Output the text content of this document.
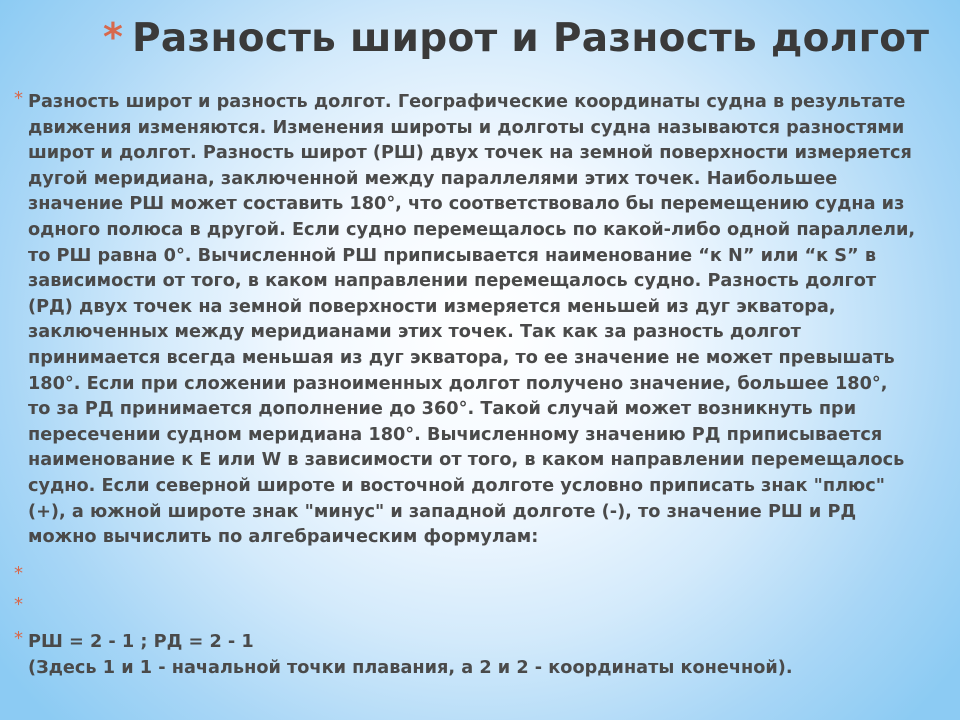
* Разность широт и Разность долгот
* Разность широт и разность долгот. Географические координаты судна в результате
движения изменяются. Изменения широты и долготы судна называются разностями
широт и долгот. Разность широт (РШ) двух точек на земной поверхности измеряется
дугой меридиана, заключенной между параллелями этих точек. Наибольшее
значение РШ может составить 180°, что соответствовало бы перемещению судна из
одного полюса в другой. Если судно перемещалось по какой-либо одной параллели,
то РШ равна 0°. Вычисленной РШ приписывается наименование “к N” или “к S” в
зависимости от того, в каком направлении перемещалось судно. Разность долгот
(РД) двух точек на земной поверхности измеряется меньшей из дуг экватора,
заключенных между меридианами этих точек. Так как за разность долгот
принимается всегда меньшая из дуг экватора, то ее значение не может превышать
180°. Если при сложении разноименных долгот получено значение, большее 180°,
то за РД принимается дополнение до 360°. Такой случай может возникнуть при
пересечении судном меридиана 180°. Вычисленному значению РД приписывается
наименование к Е или W в зависимости от того, в каком направлении перемещалось
судно. Если северной широте и восточной долготе условно приписать знак "плюс"
(+), а южной широте знак "минус" и западной долготе (-), то значение РШ и РД
можно вычислить по алгебраическим формулам:
*
*
* РШ = 2 - 1 ; РД = 2 - 1
(Здесь 1 и 1 - начальной точки плавания, а 2 и 2 - координаты конечной).
